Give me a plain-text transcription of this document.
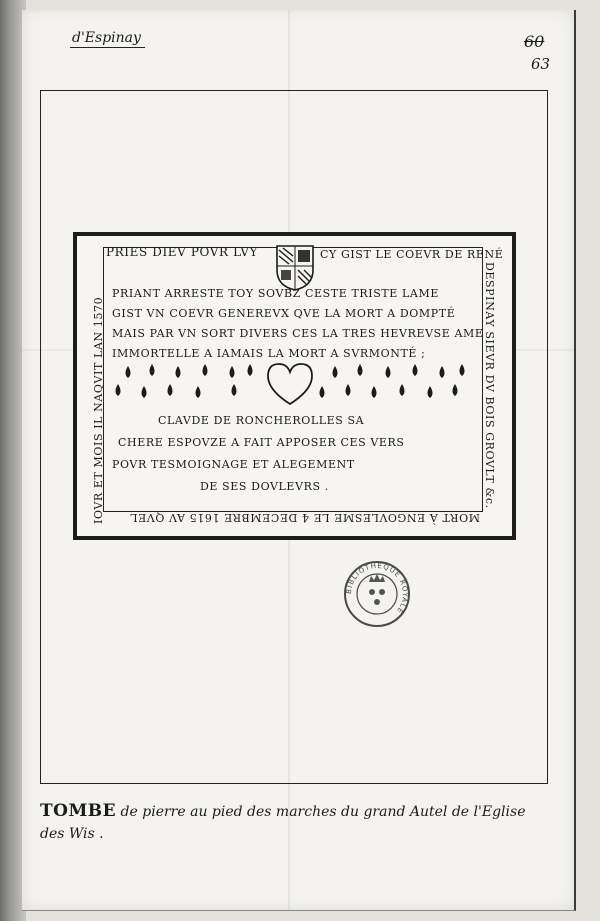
d'Espinay	60
63
PRIES DIEV POVR LVY	CY GIST LE COEVR DE RENÉ
DESPINAY SIEVR DV BOIS GROVLT &c.
MORT À ENGOVLESME LE 4 DECEMBRE 1615 AV QVEL
IOVR ET MOIS IL NAQVIT LAN 1570
PRIANT ARRESTE TOY SOVBZ CESTE TRISTE LAME
GIST VN COEVR GENEREVX QVE LA MORT A DOMPTÉ
MAIS PAR VN SORT DIVERS CES LA TRES HEVREVSE AME
IMMORTELLE A IAMAIS LA MORT A SVRMONTÉ ;
CLAVDE DE RONCHEROLLES SA
CHERE ESPOVZE A FAIT APPOSER CES VERS
POVR TESMOIGNAGE ET ALEGEMENT
DE SES DOVLEVRS .
BIBLIOTHEQUE ROYALE
TOMBE de pierre au pied des marches du grand Autel de l'Eglise des Wis .
